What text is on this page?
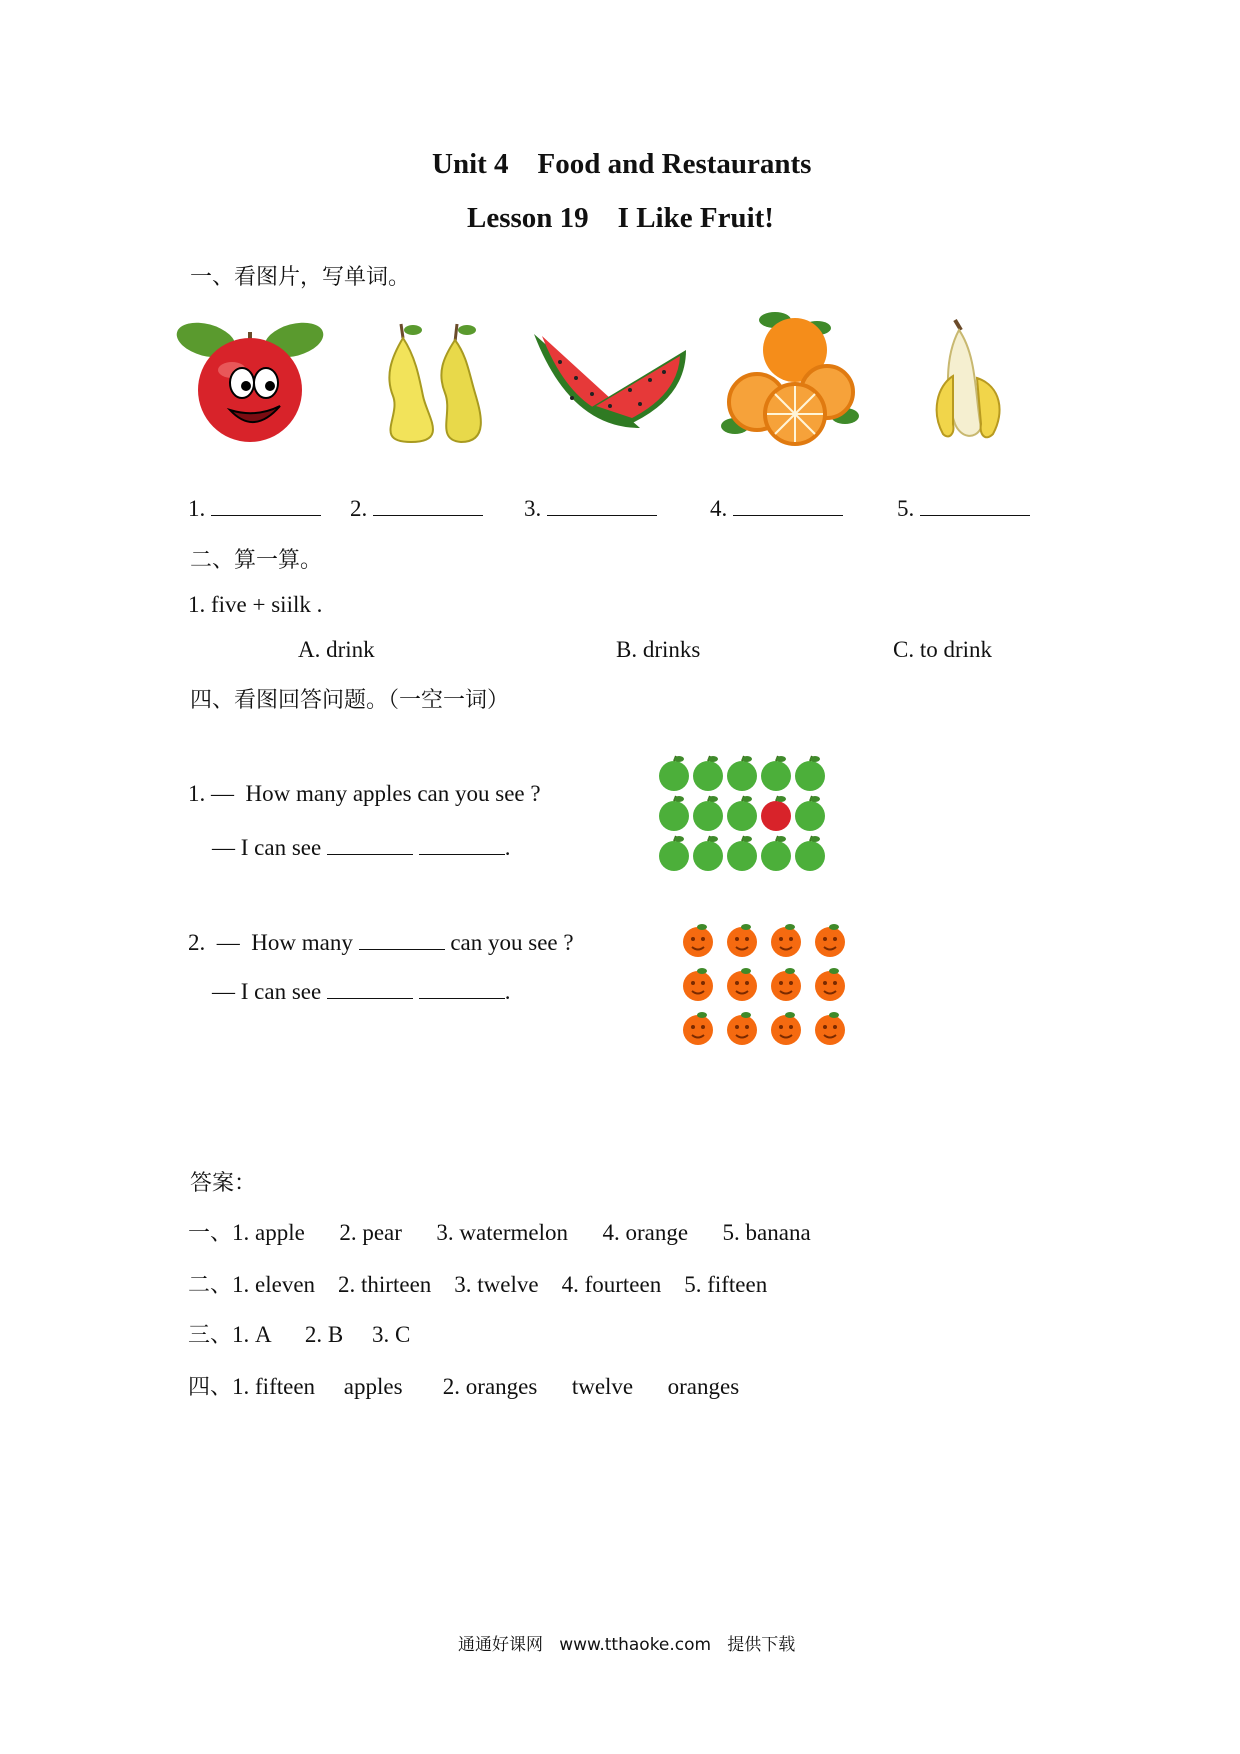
Unit 4    Food and Restaurants
Lesson 19    I Like Fruit!
一、看图片，写单词。
1.	2.	3.	4.	5.
二、算一算。
1. five + siilk .
A. drink	B. drinks	C. to drink
四、看图回答问题。（一空一词）
1. —  How many apples can you see ?
— I can see	.
2.  —  How many	can you see ?
— I can see	.
答案：
一、1. apple      2. pear      3. watermelon      4. orange      5. banana
二、1. eleven    2. thirteen    3. twelve    4. fourteen    5. fifteen
三、1. A      2. B     3. C
四、1. fifteen     apples       2. oranges      twelve      oranges
通通好课网   www.tthaoke.com   提供下载
